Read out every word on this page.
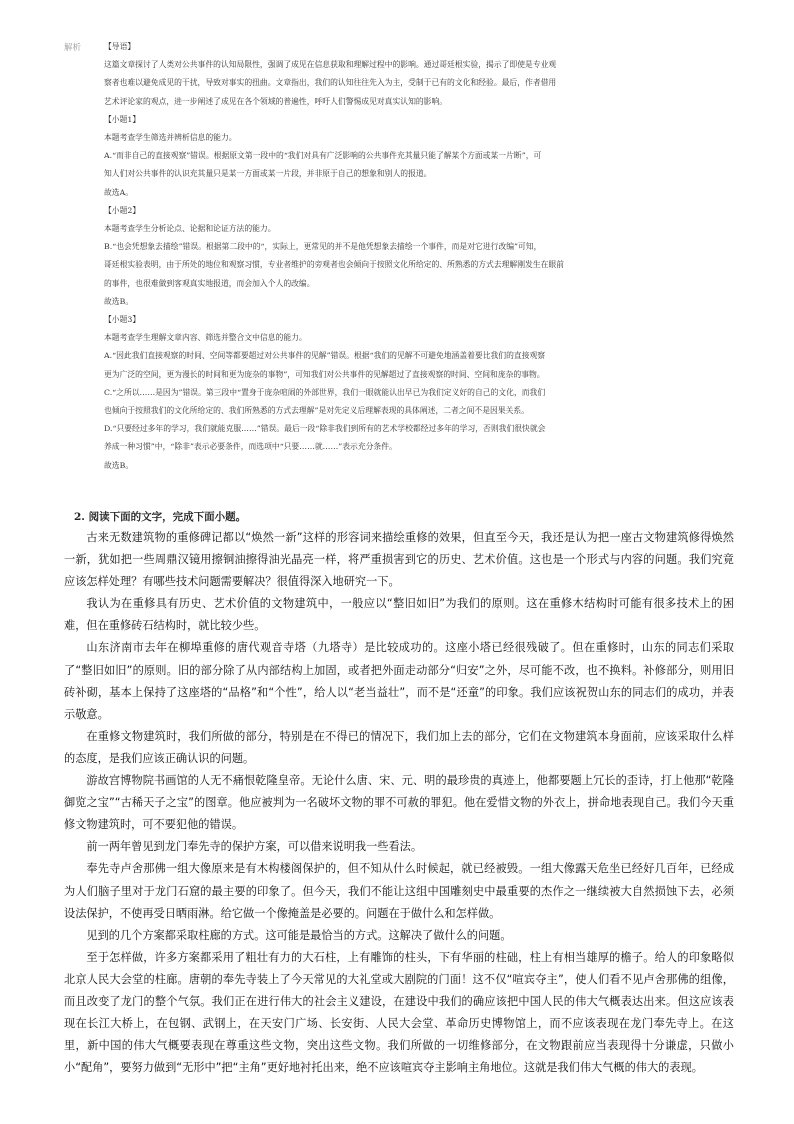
解析	【导语】

这篇文章探讨了人类对公共事件的认知局限性，强调了成见在信息获取和理解过程中的影响。通过哥廷根实验，揭示了即使是专业观

察者也难以避免成见的干扰，导致对事实的扭曲。文章指出，我们的认知往往先入为主，受制于已有的文化和经验。最后，作者借用

艺术评论家的观点，进一步阐述了成见在各个领域的普遍性，呼吁人们警惕成见对真实认知的影响。

【小题1】

本题考查学生筛选并辨析信息的能力。

A.“而非自己的直接观察”错误。根据原文第一段中的“我们对具有广泛影响的公共事件充其量只能了解某个方面或某一片断”，可

知人们对公共事件的认识充其量只是某一方面或某一片段，并非原于自己的想象和别人的报道。

故选A。

【小题2】

本题考查学生分析论点、论据和论证方法的能力。

B.“也会凭想象去描绘”错误。根据第二段中的“，实际上，更常见的并不是他凭想象去描绘一个事件，而是对它进行改编”可知，

哥廷根实验表明，由于所处的地位和观察习惯，专业者维护的旁观者也会倾向于按照文化所给定的、所熟悉的方式去理解刚发生在眼前

的事件，也很难做到客观真实地报道，而会加入个人的改编。

故选B。

【小题3】

本题考查学生理解文章内容、筛选并整合文中信息的能力。

A.“因此我们直接观察的时间、空间等都要超过对公共事件的见解”错误。根据“我们的见解不可避免地涵盖着要比我们的直接观察

更为广泛的空间，更为漫长的时间和更为庞杂的事物”，可知我们对公共事件的见解超过了直接观察的时间、空间和庞杂的事物。

C.“之所以……是因为”错误。第三段中“置身于庞杂喧闹的外部世界，我们一眼就能认出早已为我们定义好的自己的文化，而我们

也倾向于按照我们的文化所给定的、我们所熟悉的方式去理解”是对先定义后理解表现的具体阐述，二者之间不是因果关系。

D.“只要经过多年的学习，我们就能克服……”错误。最后一段“除非我们到所有的艺术学校都经过多年的学习，否则我们很快就会

养成一种习惯”中，“除非”表示必要条件，而选项中“只要……就……”表示充分条件。

故选B。

2. 阅读下面的文字，完成下面小题。

古来无数建筑物的重修碑记都以“焕然一新”这样的形容词来描绘重修的效果，但直至今天，我还是认为把一座古文物建筑修得焕然一新，犹如把一些周鼎汉镜用擦铜油擦得油光晶亮一样，将严重损害到它的历史、艺术价值。这也是一个形式与内容的问题。我们究竟应该怎样处理？有哪些技术问题需要解决？很值得深入地研究一下。

我认为在重修具有历史、艺术价值的文物建筑中，一般应以“整旧如旧”为我们的原则。这在重修木结构时可能有很多技术上的困难，但在重修砖石结构时，就比较少些。

山东济南市去年在柳埠重修的唐代观音寺塔（九塔寺）是比较成功的。这座小塔已经很残破了。但在重修时，山东的同志们采取了“整旧如旧”的原则。旧的部分除了从内部结构上加固，或者把外面走动部分“归安”之外，尽可能不改，也不换料。补修部分，则用旧砖补砌，基本上保持了这座塔的“品格”和“个性”，给人以“老当益壮”，而不是“还童”的印象。我们应该祝贺山东的同志们的成功，并表示敬意。

在重修文物建筑时，我们所做的部分，特别是在不得已的情况下，我们加上去的部分，它们在文物建筑本身面前，应该采取什么样的态度，是我们应该正确认识的问题。

游故宫博物院书画馆的人无不痛恨乾隆皇帝。无论什么唐、宋、元、明的最珍贵的真迹上，他都要题上冗长的歪诗，打上他那“乾隆御览之宝”“古稀天子之宝”的图章。他应被判为一名破坏文物的罪不可赦的罪犯。他在爱惜文物的外衣上，拼命地表现自己。我们今天重修文物建筑时，可不要犯他的错误。

前一两年曾见到龙门奉先寺的保护方案，可以借来说明我一些看法。

奉先寺卢舍那佛一组大像原来是有木构楼阁保护的，但不知从什么时候起，就已经被毁。一组大像露天危坐已经好几百年，已经成为人们脑子里对于龙门石窟的最主要的印象了。但今天，我们不能让这组中国雕刻史中最重要的杰作之一继续被大自然损蚀下去，必须设法保护，不使再受日晒雨淋。给它做一个像掩盖是必要的。问题在于做什么和怎样做。

见到的几个方案都采取柱廊的方式。这可能是最恰当的方式。这解决了做什么的问题。

至于怎样做，许多方案都采用了粗壮有力的大石柱，上有雕饰的柱头，下有华丽的柱础，柱上有相当雄厚的檐子。给人的印象略似北京人民大会堂的柱廊。唐朝的奉先寺装上了今天常见的大礼堂或大剧院的门面！这不仅“喧宾夺主”，使人们看不见卢舍那佛的组像，而且改变了龙门的整个气氛。我们正在进行伟大的社会主义建设，在建设中我们的确应该把中国人民的伟大气概表达出来。但这应该表现在长江大桥上，在包钢、武钢上，在天安门广场、长安街、人民大会堂、革命历史博物馆上，而不应该表现在龙门奉先寺上。在这里，新中国的伟大气概要表现在尊重这些文物，突出这些文物。我们所做的一切维修部分，在文物跟前应当表现得十分谦虚，只做小小“配角”，要努力做到“无形中”把“主角”更好地衬托出来，绝不应该喧宾夺主影响主角地位。这就是我们伟大气概的伟大的表现。
